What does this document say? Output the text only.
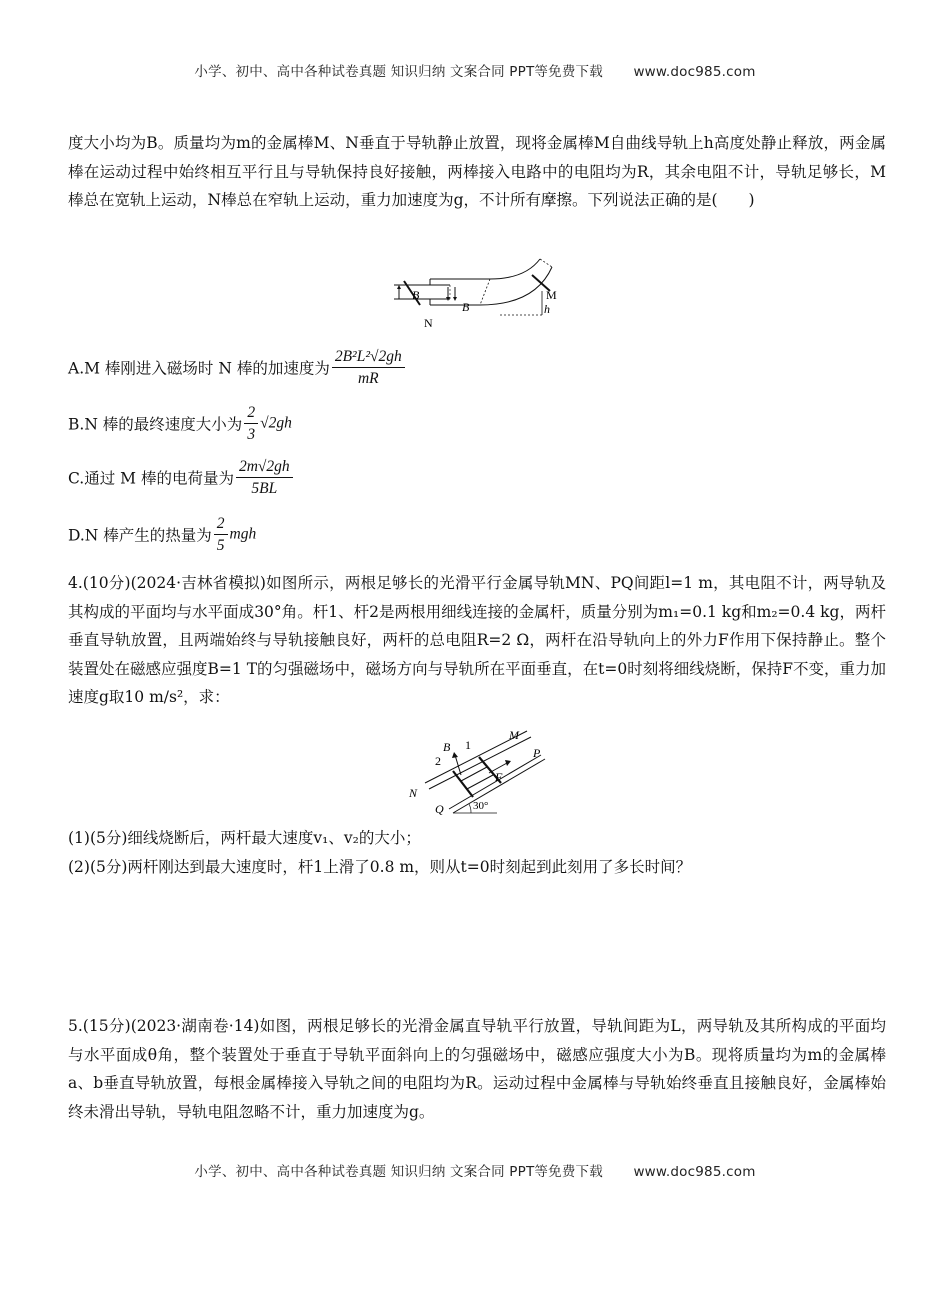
小学、初中、高中各种试卷真题 知识归纳 文案合同 PPT等免费下载 www.doc985.com
度大小均为B。质量均为m的金属棒M、N垂直于导轨静止放置，现将金属棒M自曲线导轨上h高度处静止释放，两金属棒在运动过程中始终相互平行且与导轨保持良好接触，两棒接入电路中的电阻均为R，其余电阻不计，导轨足够长，M棒总在宽轨上运动，N棒总在窄轨上运动，重力加速度为g，不计所有摩擦。下列说法正确的是(　　)
B
B
N
M
h
A.M 棒刚进入磁场时 N 棒的加速度为 $\frac{\text{2B²L²√2gh}}{mR}$
B.N 棒的最终速度大小为 $\frac{2}{3} √2gh$
C.通过 M 棒的电荷量为 $\frac{2m√2gh}{5BL}$
D.N 棒产生的热量为 $\frac{2}{5}$ mgh
4.(10分)(2024·吉林省模拟)如图所示，两根足够长的光滑平行金属导轨MN、PQ间距l=1 m，其电阻不计，两导轨及其构成的平面均与水平面成30°角。杆1、杆2是两根用细线连接的金属杆，质量分别为m₁=0.1 kg和m₂=0.4 kg，两杆垂直导轨放置，且两端始终与导轨接触良好，两杆的总电阻R=2 Ω，两杆在沿导轨向上的外力F作用下保持静止。整个装置处在磁感应强度B=1 T的匀强磁场中，磁场方向与导轨所在平面垂直，在t=0时刻将细线烧断，保持F不变，重力加速度g取10 m/s²，求：
B 1
2
M
P
F
N
Q	30°
(1)(5分)细线烧断后，两杆最大速度v₁、v₂的大小；
(2)(5分)两杆刚达到最大速度时，杆1上滑了0.8 m，则从t=0时刻起到此刻用了多长时间？
5.(15分)(2023·湖南卷·14)如图，两根足够长的光滑金属直导轨平行放置，导轨间距为L，两导轨及其所构成的平面均与水平面成θ角，整个装置处于垂直于导轨平面斜向上的匀强磁场中，磁感应强度大小为B。现将质量均为m的金属棒a、b垂直导轨放置，每根金属棒接入导轨之间的电阻均为R。运动过程中金属棒与导轨始终垂直且接触良好，金属棒始终未滑出导轨，导轨电阻忽略不计，重力加速度为g。
小学、初中、高中各种试卷真题 知识归纳 文案合同 PPT等免费下载 www.doc985.com
